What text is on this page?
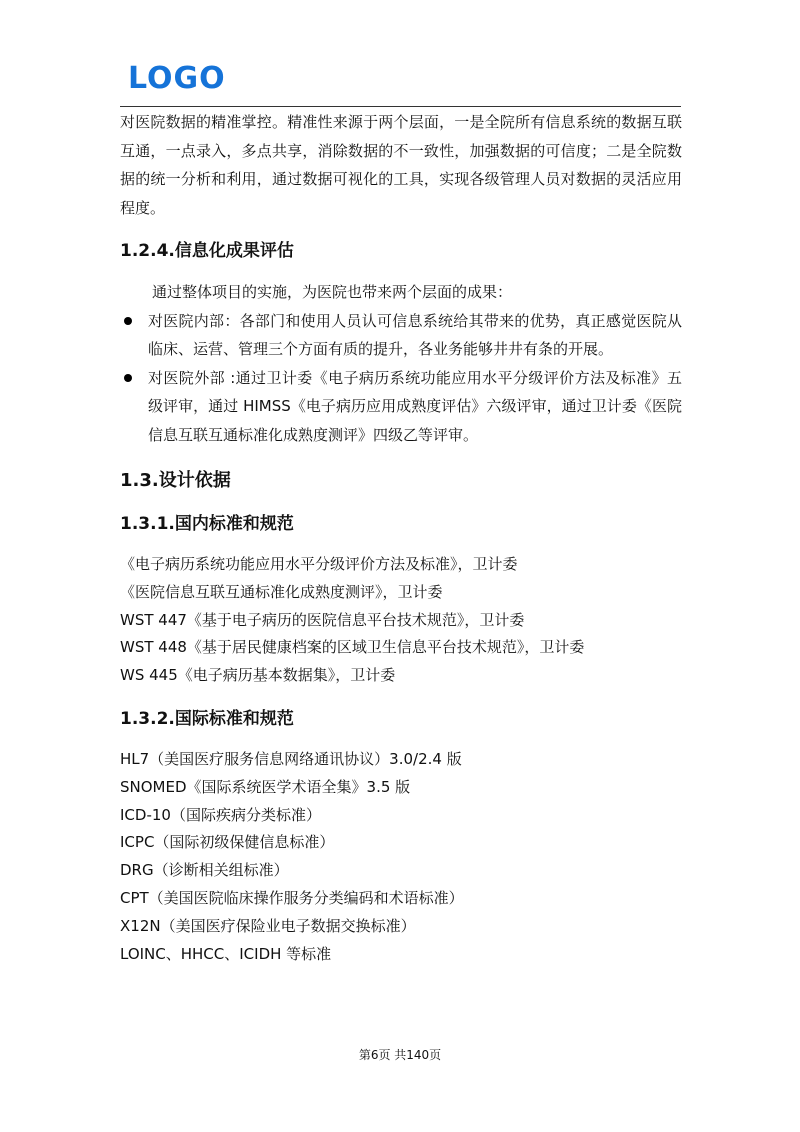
LOGO

对医院数据的精准掌控。精准性来源于两个层面，一是全院所有信息系统的数据互联互通，一点录入，多点共享，消除数据的不一致性，加强数据的可信度；二是全院数据的统一分析和利用，通过数据可视化的工具，实现各级管理人员对数据的灵活应用程度。

1.2.4.信息化成果评估

通过整体项目的实施，为医院也带来两个层面的成果：

对医院内部：各部门和使用人员认可信息系统给其带来的优势，真正感觉医院从临床、运营、管理三个方面有质的提升，各业务能够井井有条的开展。
对医院外部 :通过卫计委《电子病历系统功能应用水平分级评价方法及标准》五级评审，通过 HIMSS《电子病历应用成熟度评估》六级评审，通过卫计委《医院信息互联互通标准化成熟度测评》四级乙等评审。
1.3.设计依据
1.3.1.国内标准和规范

《电子病历系统功能应用水平分级评价方法及标准》，卫计委

《医院信息互联互通标准化成熟度测评》，卫计委

WST 447《基于电子病历的医院信息平台技术规范》，卫计委

WST 448《基于居民健康档案的区域卫生信息平台技术规范》，卫计委

WS 445《电子病历基本数据集》，卫计委

1.3.2.国际标准和规范

HL7（美国医疗服务信息网络通讯协议）3.0/2.4 版

SNOMED《国际系统医学术语全集》3.5 版

ICD-10（国际疾病分类标准）

ICPC（国际初级保健信息标准）

DRG（诊断相关组标准）

CPT（美国医院临床操作服务分类编码和术语标准）

X12N（美国医疗保险业电子数据交换标准）

LOINC、HHCC、ICIDH 等标准

第6页 共140页
